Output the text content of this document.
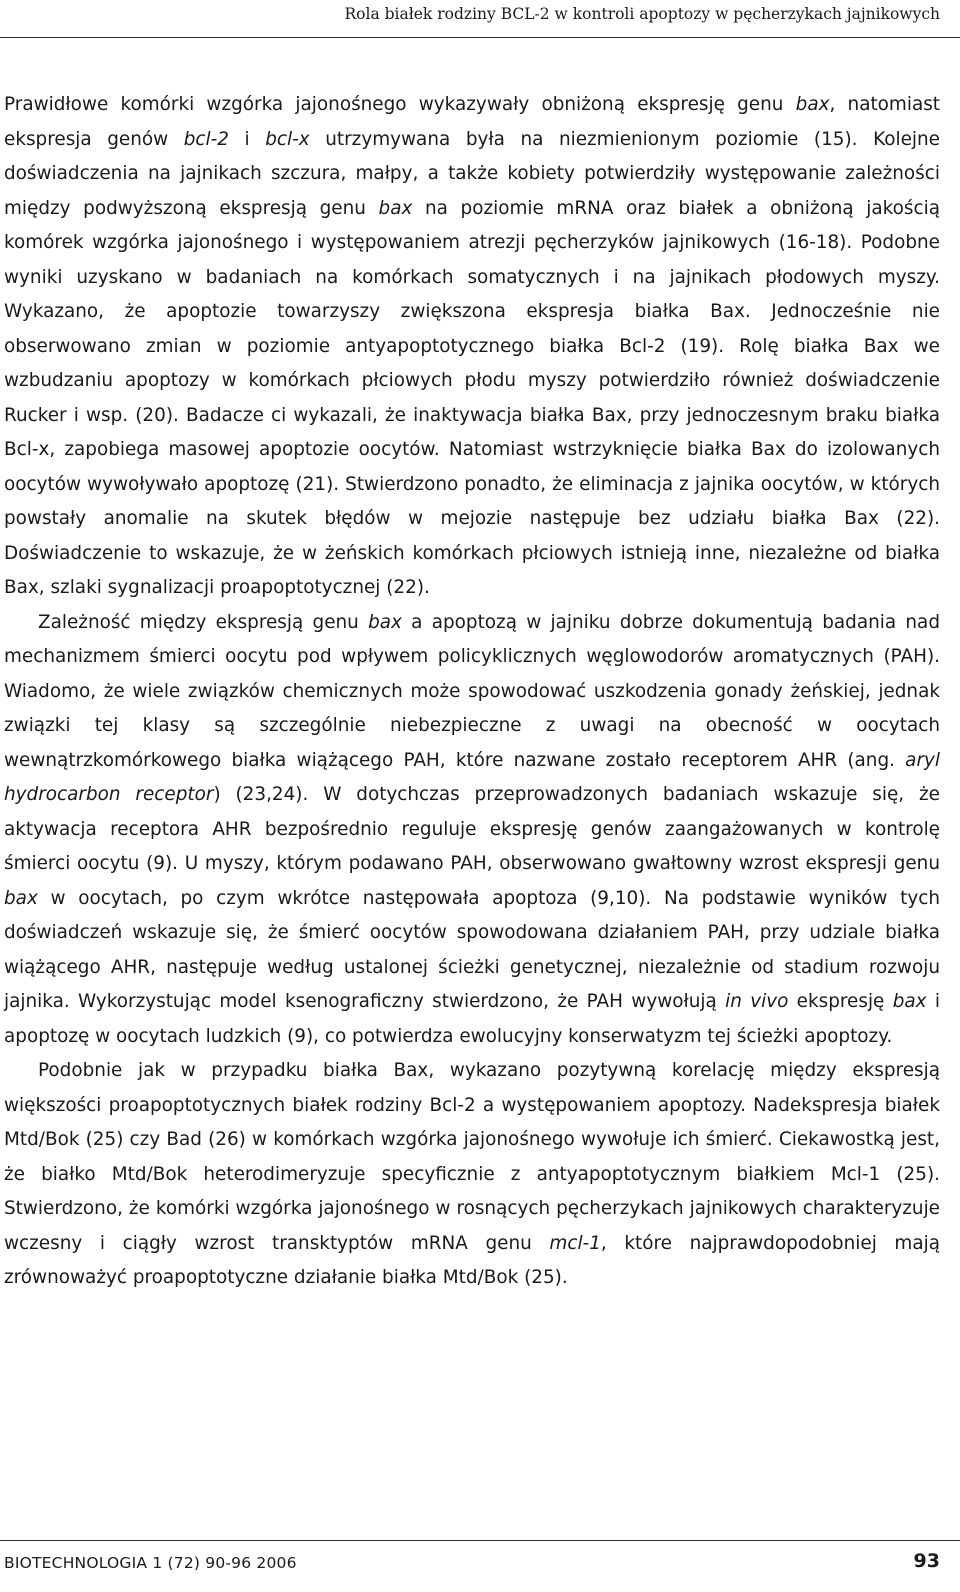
Rola białek rodziny BCL-2 w kontroli apoptozy w pęcherzykach jajnikowych

Prawidłowe komórki wzgórka jajonośnego wykazywały obniżoną ekspresję genu bax, natomiast ekspresja genów bcl-2 i bcl-x utrzymywana była na niezmienionym poziomie (15). Kolejne doświadczenia na jajnikach szczura, małpy, a także kobiety potwierdziły występowanie zależności między podwyższoną ekspresją genu bax na poziomie mRNA oraz białek a obniżoną jakością komórek wzgórka jajonośnego i występowaniem atrezji pęcherzyków jajnikowych (16-18). Podobne wyniki uzyskano w badaniach na komórkach somatycznych i na jajnikach płodowych myszy. Wykazano, że apoptozie towarzyszy zwiększona ekspresja białka Bax. Jednocześnie nie obserwowano zmian w poziomie antyapoptotycznego białka Bcl-2 (19). Rolę białka Bax we wzbudzaniu apoptozy w komórkach płciowych płodu myszy potwierdziło również doświadczenie Rucker i wsp. (20). Badacze ci wykazali, że inaktywacja białka Bax, przy jednoczesnym braku białka Bcl-x, zapobiega masowej apoptozie oocytów. Natomiast wstrzyknięcie białka Bax do izolowanych oocytów wywoływało apoptozę (21). Stwierdzono ponadto, że eliminacja z jajnika oocytów, w których powstały anomalie na skutek błędów w mejozie następuje bez udziału białka Bax (22). Doświadczenie to wskazuje, że w żeńskich komórkach płciowych istnieją inne, niezależne od białka Bax, szlaki sygnalizacji proapoptotycznej (22).

Zależność między ekspresją genu bax a apoptozą w jajniku dobrze dokumentują badania nad mechanizmem śmierci oocytu pod wpływem policyklicznych węglowodorów aromatycznych (PAH). Wiadomo, że wiele związków chemicznych może spowodować uszkodzenia gonady żeńskiej, jednak związki tej klasy są szczególnie niebezpieczne z uwagi na obecność w oocytach wewnątrzkomórkowego białka wiążącego PAH, które nazwane zostało receptorem AHR (ang. aryl hydrocarbon receptor) (23,24). W dotychczas przeprowadzonych badaniach wskazuje się, że aktywacja receptora AHR bezpośrednio reguluje ekspresję genów zaangażowanych w kontrolę śmierci oocytu (9). U myszy, którym podawano PAH, obserwowano gwałtowny wzrost ekspresji genu bax w oocytach, po czym wkrótce następowała apoptoza (9,10). Na podstawie wyników tych doświadczeń wskazuje się, że śmierć oocytów spowodowana działaniem PAH, przy udziale białka wiążącego AHR, następuje według ustalonej ścieżki genetycznej, niezależnie od stadium rozwoju jajnika. Wykorzystując model ksenograficzny stwierdzono, że PAH wywołują in vivo ekspresję bax i apoptozę w oocytach ludzkich (9), co potwierdza ewolucyjny konserwatyzm tej ścieżki apoptozy.

Podobnie jak w przypadku białka Bax, wykazano pozytywną korelację między ekspresją większości proapoptotycznych białek rodziny Bcl-2 a występowaniem apoptozy. Nadekspresja białek Mtd/Bok (25) czy Bad (26) w komórkach wzgórka jajonośnego wywołuje ich śmierć. Ciekawostką jest, że białko Mtd/Bok heterodimeryzuje specyficznie z antyapoptotycznym białkiem Mcl-1 (25). Stwierdzono, że komórki wzgórka jajonośnego w rosnących pęcherzykach jajnikowych charakteryzuje wczesny i ciągły wzrost transktyptów mRNA genu mcl-1, które najprawdopodobniej mają zrównoważyć proapoptotyczne działanie białka Mtd/Bok (25).

BIOTECHNOLOGIA 1 (72) 90-96 2006	93
